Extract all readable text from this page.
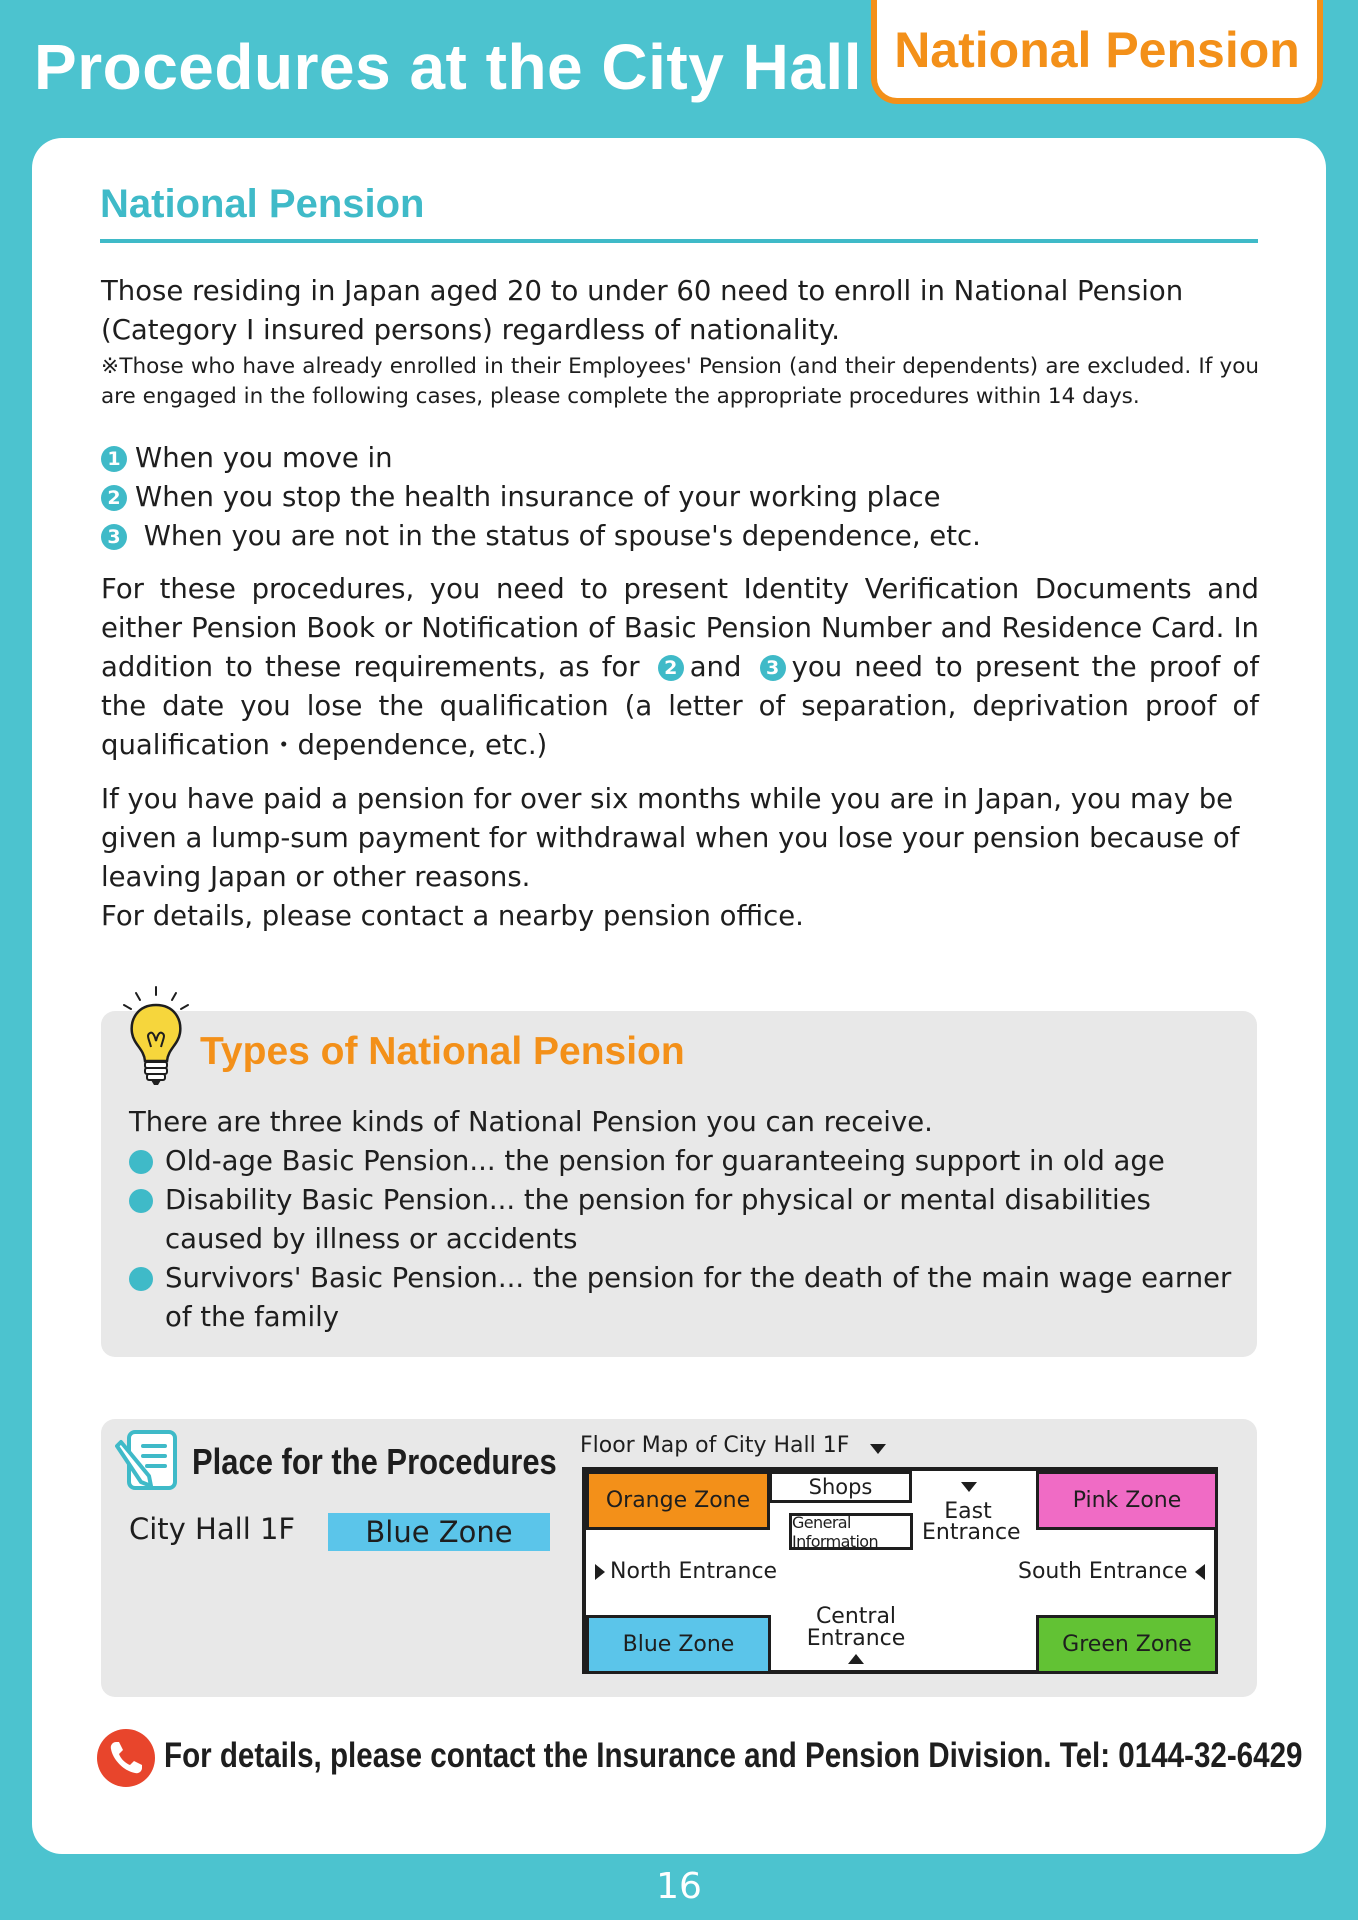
Procedures at the City Hall National Pension
National Pension

Those residing in Japan aged 20 to under 60 need to enroll in National Pension

(Category I insured persons) regardless of nationality.

※Those who have already enrolled in their Employees' Pension (and their dependents) are excluded. If you are engaged in the following cases, please complete the appropriate procedures within 14 days.

1 When you move in
2 When you stop the health insurance of your working place
3 When you are not in the status of spouse's dependence, etc.

For these procedures, you need to present Identity Verification Documents and either Pension Book or Notification of Basic Pension Number and Residence Card. In addition to these requirements, as for 2 and 3 you need to present the proof of the date you lose the qualification (a letter of separation, deprivation proof of qualification・dependence, etc.)

If you have paid a pension for over six months while you are in Japan, you may be given a lump-sum payment for withdrawal when you lose your pension because of leaving Japan or other reasons.

For details, please contact a nearby pension office.

Types of National Pension
There are three kinds of National Pension you can receive.
Old-age Basic Pension... the pension for guaranteeing support in old age
Disability Basic Pension... the pension for physical or mental disabilities caused by illness or accidents
Survivors' Basic Pension... the pension for the death of the main wage earner of the family
Place for the Procedures
City Hall 1F	Blue Zone
Floor Map of City Hall 1F
Orange Zone
Shops
General Information
East
Entrance
Pink Zone
North Entrance	South Entrance
Blue Zone
Central
Entrance	Green Zone
For details, please contact the Insurance and Pension Division. Tel: 0144-32-6429
16
